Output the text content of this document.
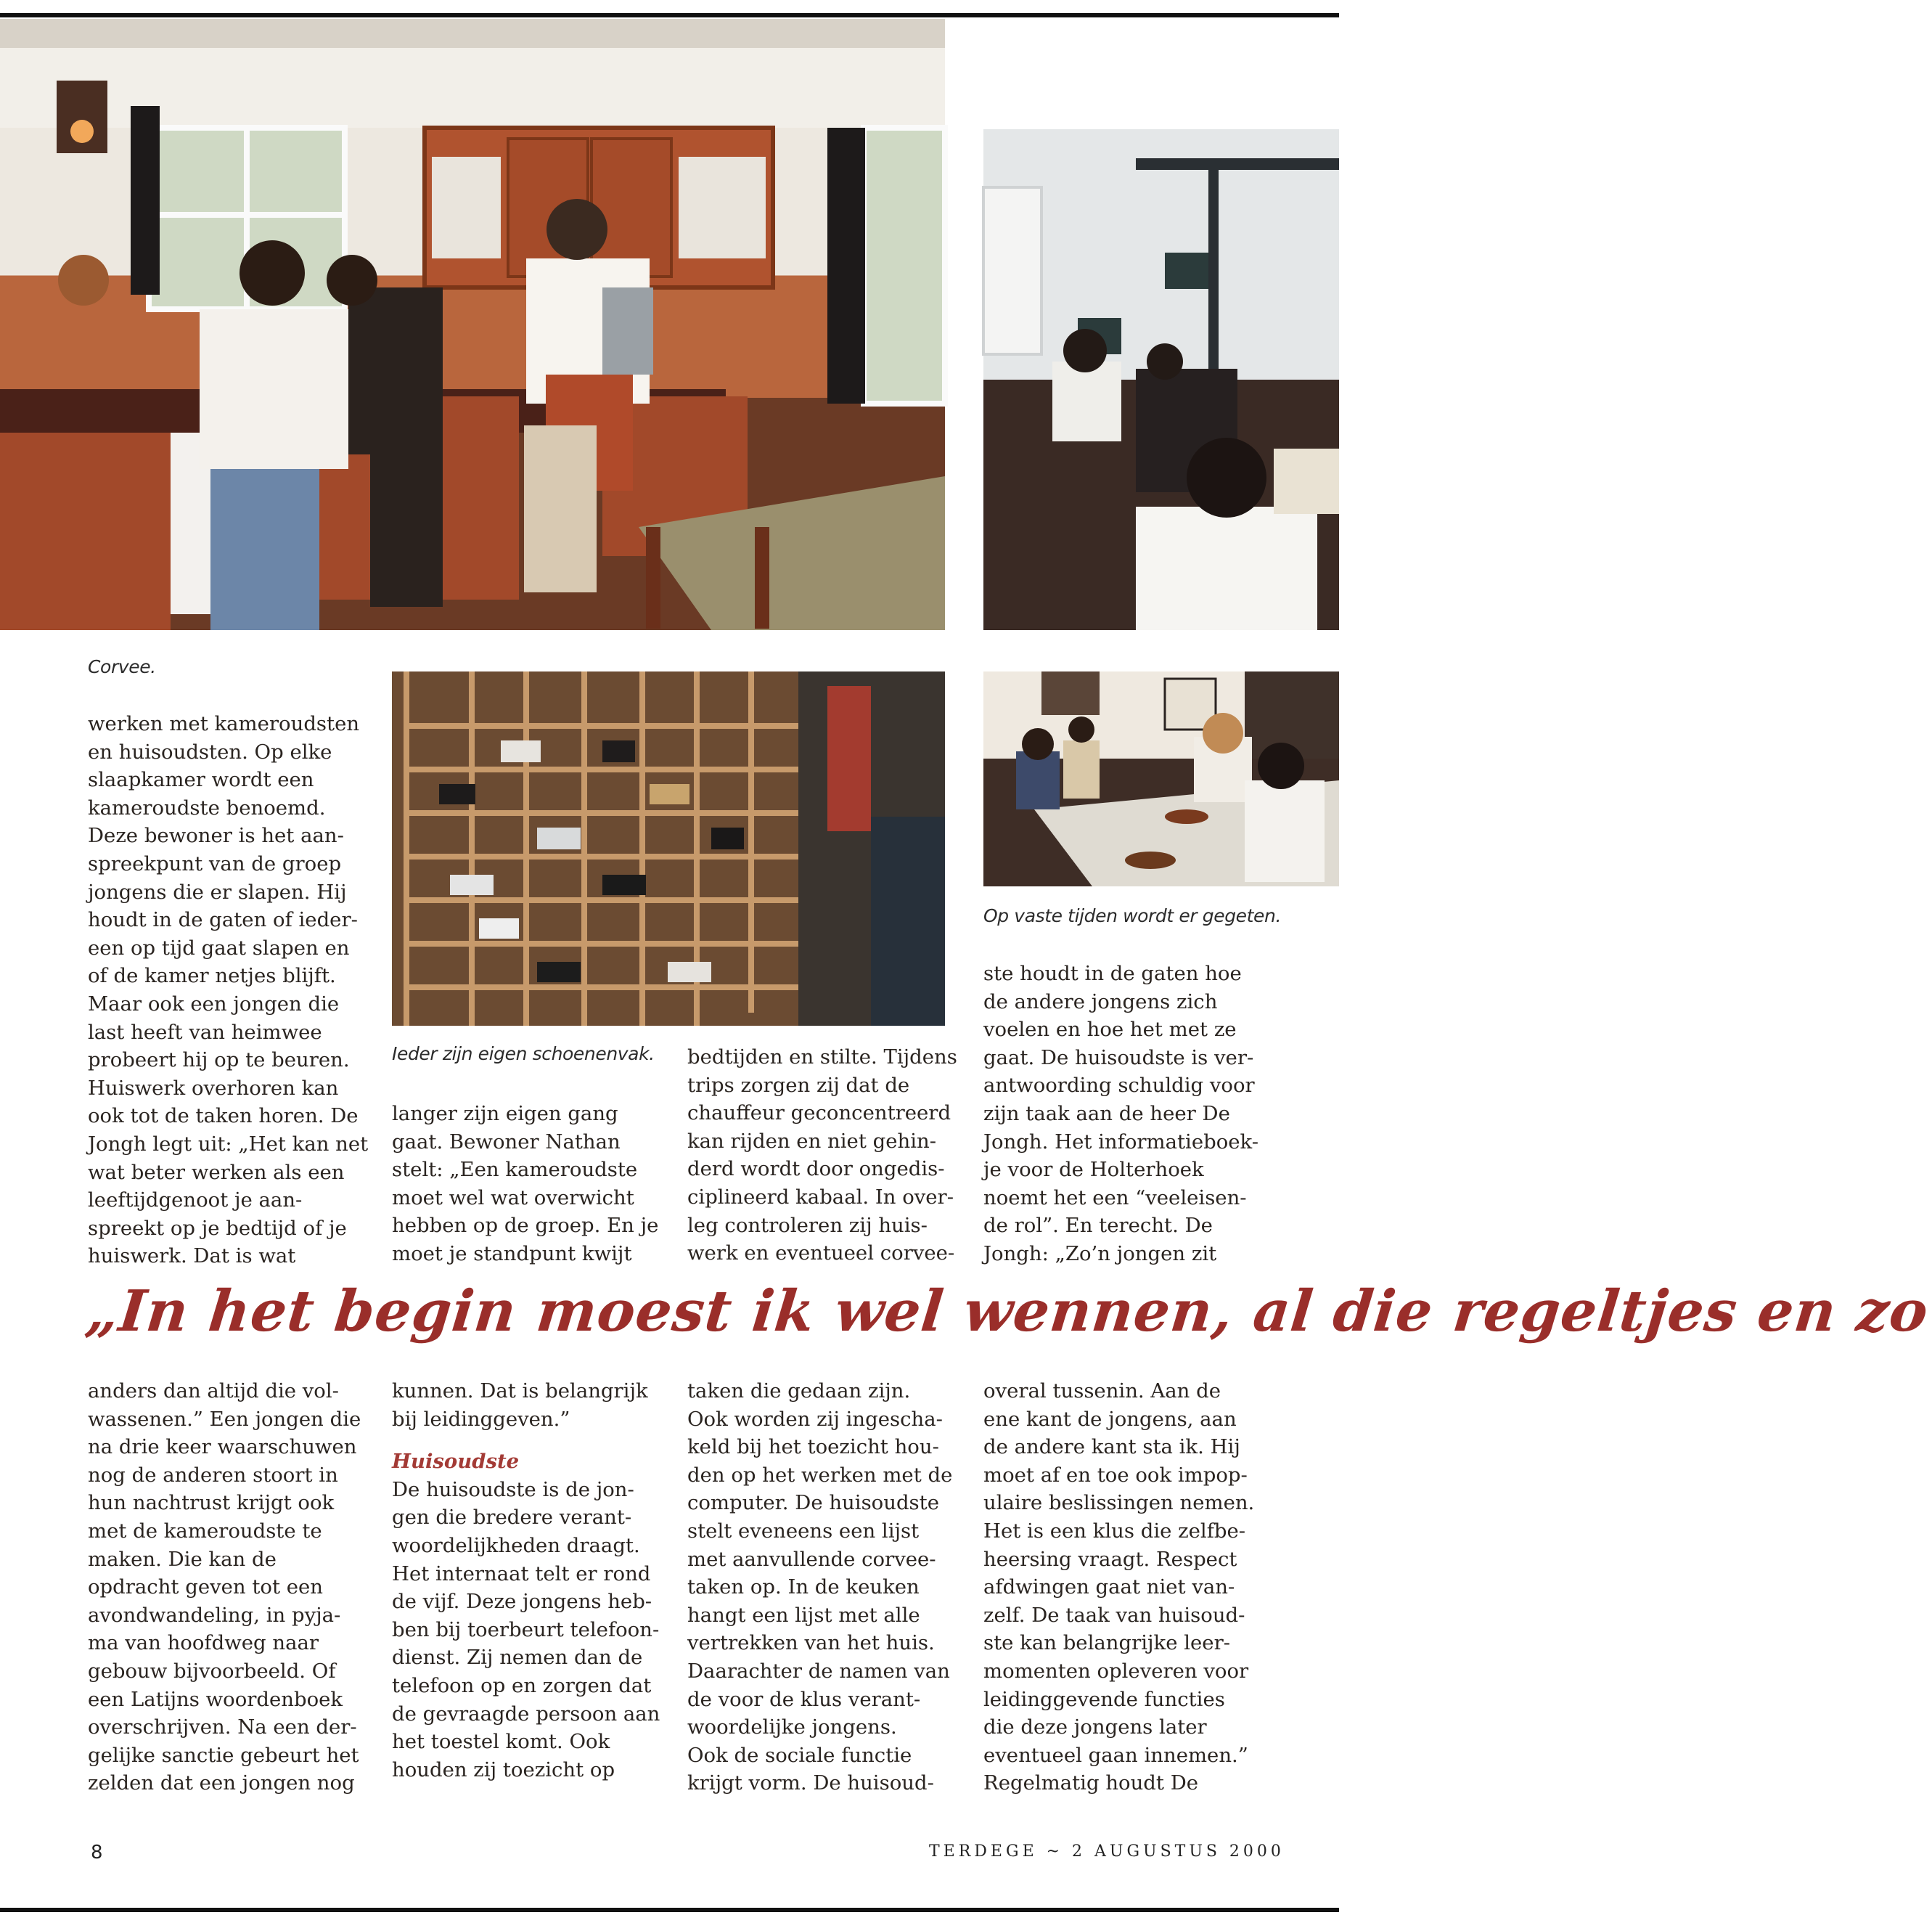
Corvee.
Ieder zijn eigen schoenenvak.
Op vaste tijden wordt er gegeten.
werken met kameroudsten
en huisoudsten. Op elke
slaapkamer wordt een
kameroudste benoemd.
Deze bewoner is het aan-
spreekpunt van de groep
jongens die er slapen. Hij
houdt in de gaten of ieder-
een op tijd gaat slapen en
of de kamer netjes blijft.
Maar ook een jongen die
last heeft van heimwee
probeert hij op te beuren.
Huiswerk overhoren kan
ook tot de taken horen. De
Jongh legt uit: „Het kan net
wat beter werken als een
leeftijdgenoot je aan-
spreekt op je bedtijd of je
huiswerk. Dat is wat
langer zijn eigen gang
gaat. Bewoner Nathan
stelt: „Een kameroudste
moet wel wat overwicht
hebben op de groep. En je
moet je standpunt kwijt
bedtijden en stilte. Tijdens
trips zorgen zij dat de
chauffeur geconcentreerd
kan rijden en niet gehin-
derd wordt door ongedis-
ciplineerd kabaal. In over-
leg controleren zij huis-
werk en eventueel corvee-
ste houdt in de gaten hoe
de andere jongens zich
voelen en hoe het met ze
gaat. De huisoudste is ver-
antwoording schuldig voor
zijn taak aan de heer De
Jongh. Het informatieboek-
je voor de Holterhoek
noemt het een “veeleisen-
de rol”. En terecht. De
Jongh: „Zo’n jongen zit
„In het begin moest ik wel wennen, al die regeltjes en zo
anders dan altijd die vol-
wassenen.” Een jongen die
na drie keer waarschuwen
nog de anderen stoort in
hun nachtrust krijgt ook
met de kameroudste te
maken. Die kan de
opdracht geven tot een
avondwandeling, in pyja-
ma van hoofdweg naar
gebouw bijvoorbeeld. Of
een Latijns woordenboek
overschrijven. Na een der-
gelijke sanctie gebeurt het
zelden dat een jongen nog
kunnen. Dat is belangrijk
bij leidinggeven.”
Huisoudste
De huisoudste is de jon-
gen die bredere verant-
woordelijkheden draagt.
Het internaat telt er rond
de vijf. Deze jongens heb-
ben bij toerbeurt telefoon-
dienst. Zij nemen dan de
telefoon op en zorgen dat
de gevraagde persoon aan
het toestel komt. Ook
houden zij toezicht op
taken die gedaan zijn.
Ook worden zij ingescha-
keld bij het toezicht hou-
den op het werken met de
computer. De huisoudste
stelt eveneens een lijst
met aanvullende corvee-
taken op. In de keuken
hangt een lijst met alle
vertrekken van het huis.
Daarachter de namen van
de voor de klus verant-
woordelijke jongens.
Ook de sociale functie
krijgt vorm. De huisoud-
overal tussenin. Aan de
ene kant de jongens, aan
de andere kant sta ik. Hij
moet af en toe ook impop-
ulaire beslissingen nemen.
Het is een klus die zelfbe-
heersing vraagt. Respect
afdwingen gaat niet van-
zelf. De taak van huisoud-
ste kan belangrijke leer-
momenten opleveren voor
leidinggevende functies
die deze jongens later
eventueel gaan innemen.”
Regelmatig houdt De
8	TERDEGE ~ 2 AUGUSTUS 2000
